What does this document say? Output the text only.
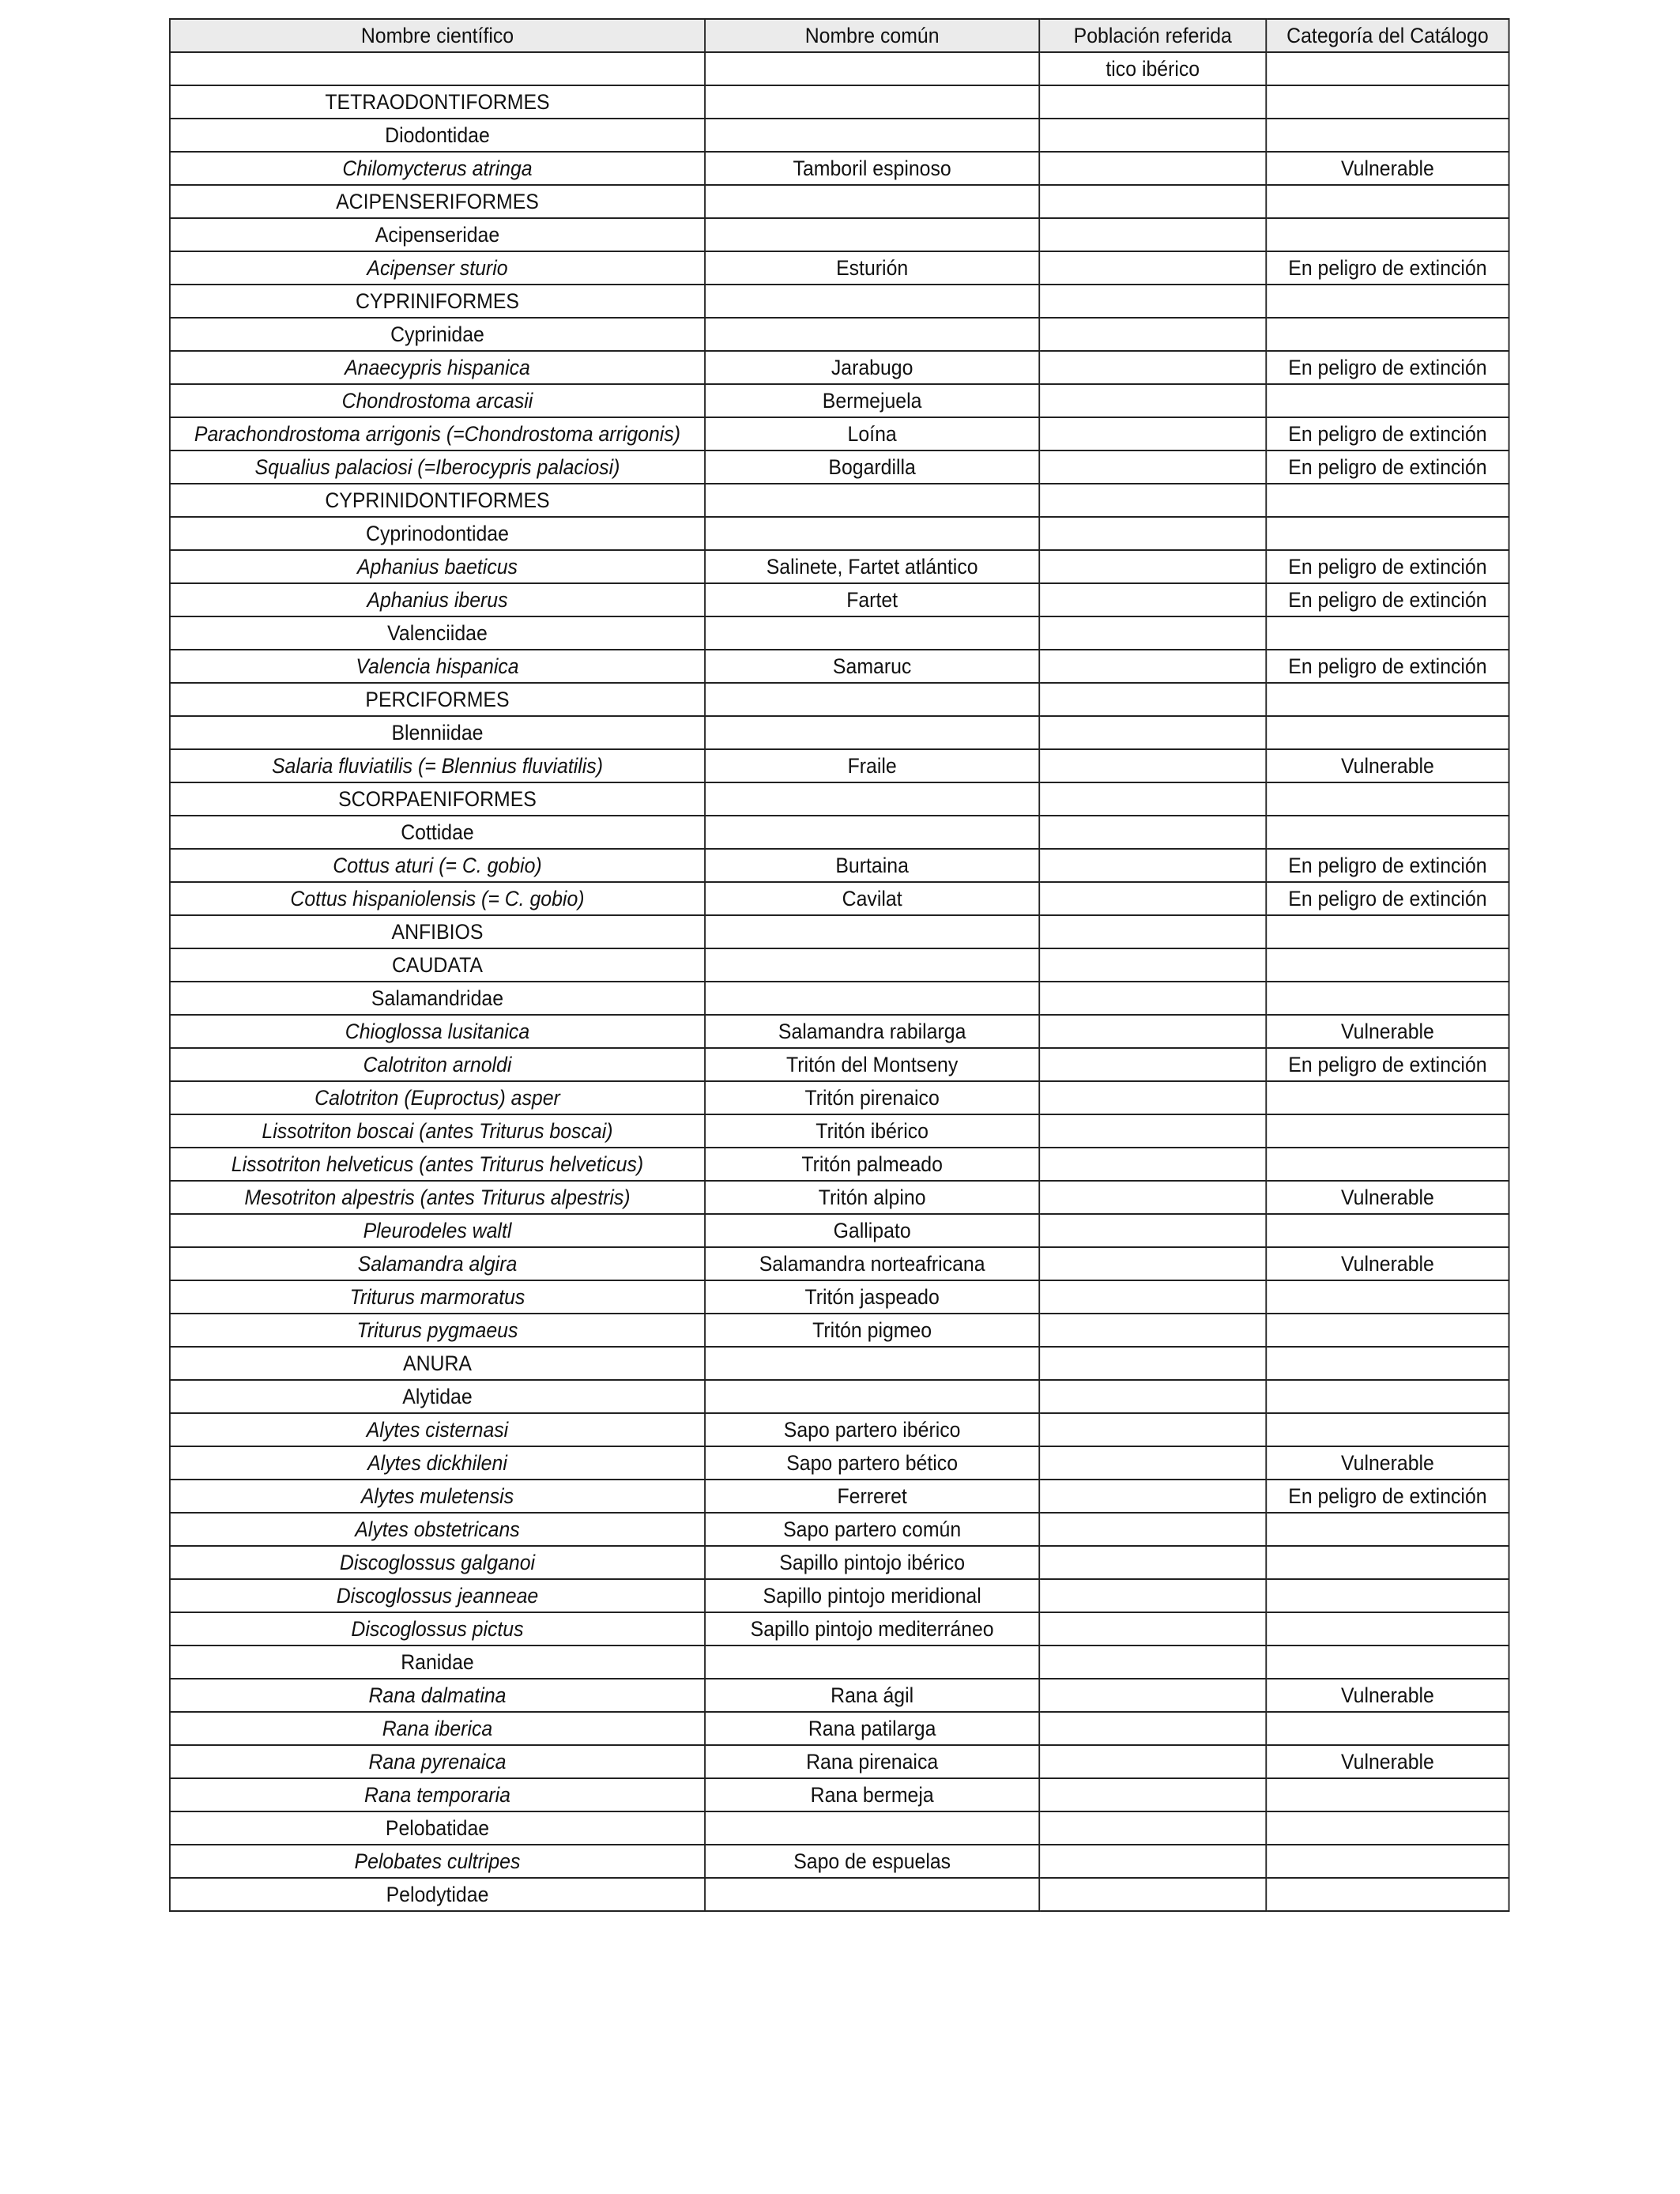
Nombre científico	Nombre común	Población referida	Categoría del Catálogo
		tico ibérico	
TETRAODONTIFORMES			
Diodontidae			
Chilomycterus atringa	Tamboril espinoso		Vulnerable
ACIPENSERIFORMES			
Acipenseridae			
Acipenser sturio	Esturión		En peligro de extinción
CYPRINIFORMES			
Cyprinidae			
Anaecypris hispanica	Jarabugo		En peligro de extinción
Chondrostoma arcasii	Bermejuela		
Parachondrostoma arrigonis (=Chondrostoma arrigonis)	Loína		En peligro de extinción
Squalius palaciosi (=Iberocypris palaciosi)	Bogardilla		En peligro de extinción
CYPRINIDONTIFORMES			
Cyprinodontidae			
Aphanius baeticus	Salinete, Fartet atlántico		En peligro de extinción
Aphanius iberus	Fartet		En peligro de extinción
Valenciidae			
Valencia hispanica	Samaruc		En peligro de extinción
PERCIFORMES			
Blenniidae			
Salaria fluviatilis (= Blennius fluviatilis)	Fraile		Vulnerable
SCORPAENIFORMES			
Cottidae			
Cottus aturi (= C. gobio)	Burtaina		En peligro de extinción
Cottus hispaniolensis (= C. gobio)	Cavilat		En peligro de extinción
ANFIBIOS			
CAUDATA			
Salamandridae			
Chioglossa lusitanica	Salamandra rabilarga		Vulnerable
Calotriton arnoldi	Tritón del Montseny		En peligro de extinción
Calotriton (Euproctus) asper	Tritón pirenaico		
Lissotriton boscai (antes Triturus boscai)	Tritón ibérico		
Lissotriton helveticus (antes Triturus helveticus)	Tritón palmeado		
Mesotriton alpestris (antes Triturus alpestris)	Tritón alpino		Vulnerable
Pleurodeles waltl	Gallipato		
Salamandra algira	Salamandra norteafricana		Vulnerable
Triturus marmoratus	Tritón jaspeado		
Triturus pygmaeus	Tritón pigmeo		
ANURA			
Alytidae			
Alytes cisternasi	Sapo partero ibérico		
Alytes dickhileni	Sapo partero bético		Vulnerable
Alytes muletensis	Ferreret		En peligro de extinción
Alytes obstetricans	Sapo partero común		
Discoglossus galganoi	Sapillo pintojo ibérico		
Discoglossus jeanneae	Sapillo pintojo meridional		
Discoglossus pictus	Sapillo pintojo mediterráneo		
Ranidae			
Rana dalmatina	Rana ágil		Vulnerable
Rana iberica	Rana patilarga		
Rana pyrenaica	Rana pirenaica		Vulnerable
Rana temporaria	Rana bermeja		
Pelobatidae			
Pelobates cultripes	Sapo de espuelas		
Pelodytidae			
